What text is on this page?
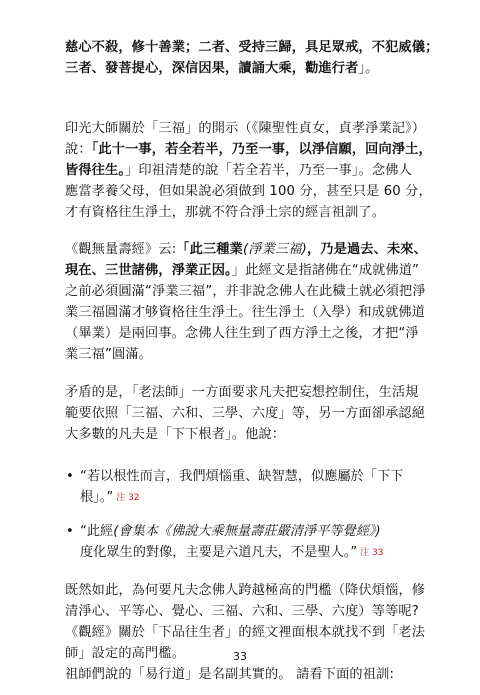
慈心不殺，修十善業；二者、受持三歸，具足眾戒，不犯威儀；
三者、發菩提心，深信因果，讀誦大乘，勸進行者」。
印光大師關於「三福」的開示（《陳聖性貞女，貞孝淨業記》）
說：「此十一事，若全若半，乃至一事，以淨信願，回向淨土，
皆得往生。」印祖清楚的說「若全若半，乃至一事」。念佛人
應當孝養父母，但如果說必須做到 100 分，甚至只是 60 分，
才有資格往生淨土，那就不符合淨土宗的經言祖訓了。
《觀無量壽經》云:「此三種業(淨業三福)，乃是過去、未來、
現在、三世諸佛，淨業正因。」此經文是指諸佛在“成就佛道”
之前必須圓滿“淨業三福”，并非說念佛人在此穢土就必須把淨
業三福圓滿才够資格往生淨土。往生淨土（入學）和成就佛道
（畢業）是兩回事。念佛人往生到了西方淨土之後，才把“淨
業三福”圓滿。
矛盾的是，「老法師」一方面要求凡夫把妄想控制住，生活規
範要依照「三福、六和、三學、六度」等，另一方面卻承認絕
大多數的凡夫是「下下根者」。他說：
• “若以根性而言，我們煩惱重、缺智慧，似應屬於「下下
根」。” 注 32
• “此經(會集本《佛說大乘無量壽莊嚴清淨平等覺經》)
度化眾生的對像，主要是六道凡夫，不是聖人。” 注 33
既然如此，為何要凡夫念佛人跨越極高的門檻（降伏煩惱，修
清淨心、平等心、覺心、三福、六和、三學、六度）等等呢?
《觀經》關於「下品往生者」的經文裡面根本就找不到「老法
師」設定的高門檻。
祖師們說的「易行道」是名副其實的。 請看下面的祖訓:
33
